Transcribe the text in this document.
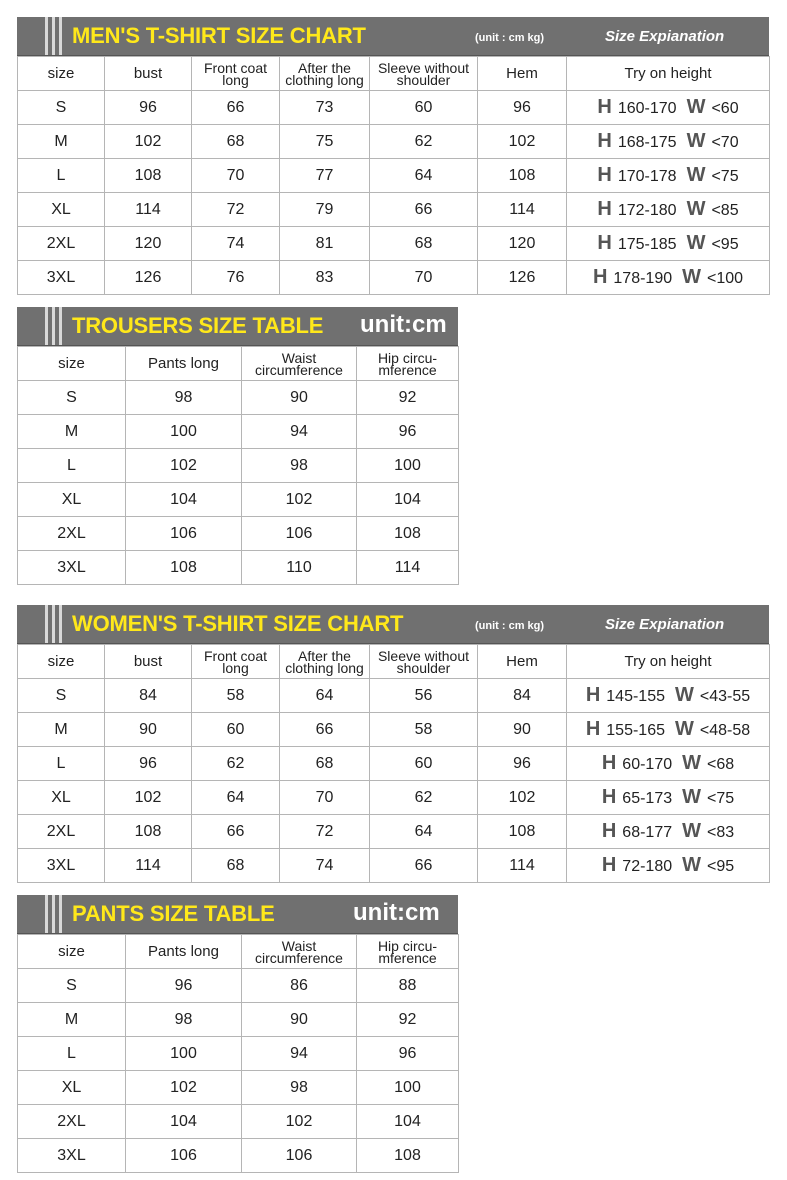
MEN'S T-SHIRT SIZE CHART	(unit : cm kg)	Size Expianation
size	bust	Front coat long	After the clothing long	Sleeve without shoulder	Hem	Try on height
S	96	66	73	60	96	H 160-170 W <60
M	102	68	75	62	102	H 168-175 W <70
L	108	70	77	64	108	H 170-178 W <75
XL	114	72	79	66	114	H 172-180 W <85
2XL	120	74	81	68	120	H 175-185 W <95
3XL	126	76	83	70	126	H 178-190 W <100
TROUSERS SIZE TABLE unit:cm
size	Pants long	Waist circumference	Hip circu- mference
S	98	90	92
M	100	94	96
L	102	98	100
XL	104	102	104
2XL	106	106	108
3XL	108	110	114
WOMEN'S T-SHIRT SIZE CHART	(unit : cm kg)	Size Expianation
size	bust	Front coat long	After the clothing long	Sleeve without shoulder	Hem	Try on height
S	84	58	64	56	84	H 145-155 W <43-55
M	90	60	66	58	90	H 155-165 W <48-58
L	96	62	68	60	96	H 60-170 W <68
XL	102	64	70	62	102	H 65-173 W <75
2XL	108	66	72	64	108	H 68-177 W <83
3XL	114	68	74	66	114	H 72-180 W <95
PANTS SIZE TABLE	unit:cm
size	Pants long	Waist circumference	Hip circu- mference
S	96	86	88
M	98	90	92
L	100	94	96
XL	102	98	100
2XL	104	102	104
3XL	106	106	108
